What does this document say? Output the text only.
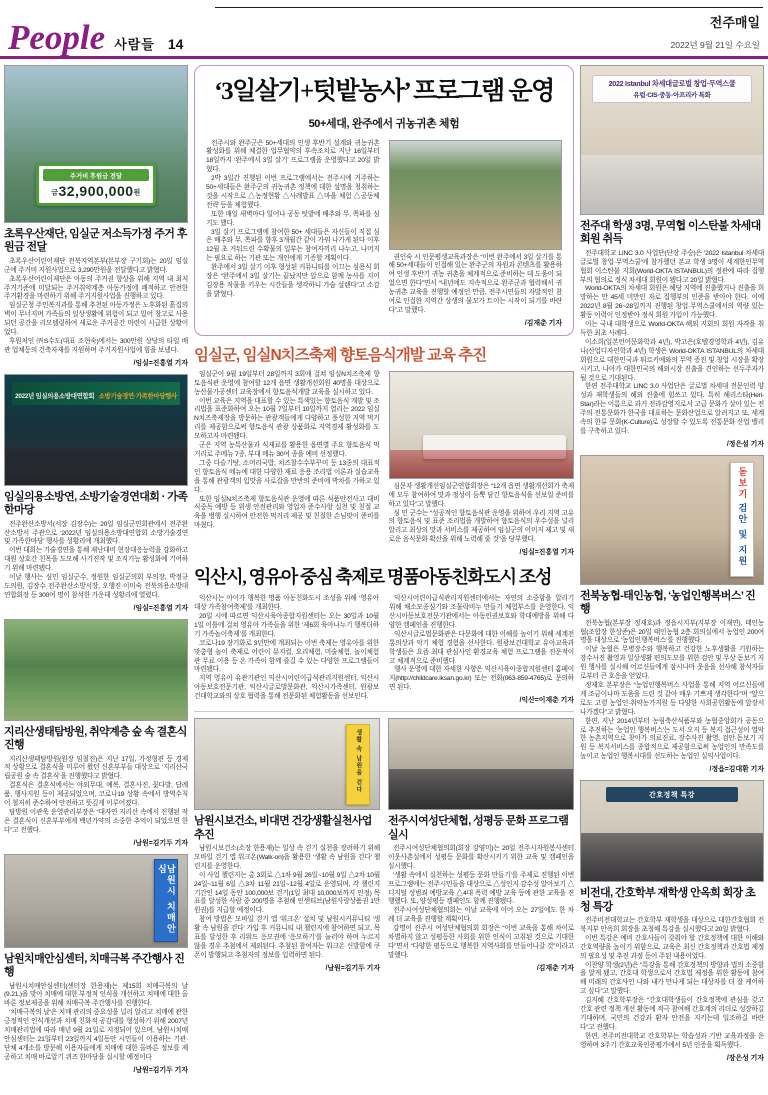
People 사람들 14
전주매일
2022년 9월 21일 수요일
주거비 후원금 전달
금32,900,000원
초록우산재단, 임실군 저소득가정 주거 후원금 전달

초록우산어린이재단 전북지역본부(본부장 구기회)는 20일 임실군에 주거비 지원사업으로 3,290만원을 전달했다고 밝혔다.

초록우산어린이재단은 아동의 주거권 향상을 위해 지역 내 최저주거기준에 미달되는 주거취약계층 아동가정에 쾌적하고 안전한 주거환경을 마련하기 위해 주거지원사업을 진행하고 있다.

임실군청 주민복지과를 통해 추천된 아동가정은 노후화된 흙집의 벽이 무너지며 가족들의 일상생활에 위험이 되고 있어 창고로 사용되던 공간을 리모델링하여 새로운 주거공간 마련이 시급한 상황이었다.

후원처인 ㈜S수도(대표 조현숙)에서는 300만원 상당의 타일 배관 업체등의 건축자재를 지원하며 주거지원사업에 힘을 보냈다.

/임실=진흥열 기자
2022년 임실의용소방대연합회 소방기술경연·가족한마당행사
임실의용소방연, 소방기술경연대회 · 가족한마당

전주완산소방서(서장 김장수)는 20일 임실군민회관에서 전주완산소방서 주관으로 ‘2022년 임실의용소방대연합회 소방기술경연 및 가족한마당’ 행사를 성황리에 개최했다.

이번 대회는 기술경연을 통해 재난대비 현장대응능력을 강화하고 대원 상호간 친목을 도모해 사기진작 및 조직기능 활성화에 기여하기 위해 마련됐다.

이날 행사는 심민 임실군수, 정원한 임실군의회 부의장, 박정규 도의원, 김장수 전주완산소방서장, 오행진·이미숙 전북의용소방대 연합회장 등 300여 명이 참석한 가운데 성황리에 열렸다.

/임실=진흥열 기자
지리산생태탐방원, 취약계층 숲 속 결혼식 진행

지리산생태탐방원(원장 임철진)은 지난 17일, 가정형편 등 경제적 상황으로 결혼식을 미루어 왔던 신혼부부들 대상으로 ‘지리산국립공원 숲 속 결혼식’을 진행했다고 밝혔다.

결혼식은 결혼식에서는 야외무대, 예복, 결혼사진, 꽃다발, 답례품, 행사지원 등이 제공되었으며, 코로나19 상황 속에서 방역수칙이 철저히 준수하여 안전하고 뜻깊게 이루어졌다.

탐방원 이관욱 운영관리부장은 “대자연 지리산 속에서 진행된 작은 결혼식이 신혼부부에게 백년가약의 소중한 추억이 되었으면 한다”고 전했다.

/남원=김기두 기자
남원시 치매안심
남원치매안심센터, 치매극복 주간행사 진행

남원시치매안심센터(센터장 한용재)는 제15회 치매극복의 날(9.21.)을 맞아 치매에 대한 부정적 인식을 개선하고 치매에 대한 올바른 정보제공을 위해 치매극복 주간행사를 진행한다.

‘치매극복의 날’은 치매 관리의 중요성을 널리 알리고 치매에 관한 긍정적인 인식개선과 치매 친화적 공감대를 형성하기 위해 2007년 치매관리법에 따라 매년 9월 21일로 지정되어 있으며, 남원시치매안심센터는 21일부터 23일까지 4일동안 시민들이 이용하는 기관·단체 4개소를 방문해 이용자들에게 치매에 대한 올바른 정보를 제공하고 치매 바로알기 퀴즈 한마당을 실시할 예정이다

/남원=김기두 기자
‘3일살기+텃밭농사’ 프로그램 운영
50+세대, 완주에서 귀농귀촌 체험

전주시와 완주군은 50+세대의 인생 후반기 설계와 귀농귀촌 활성화를 위해 체결한 업무협약의 후속조치로 지난 16일부터 18일까지 ‘완주에서 3일 살기’ 프로그램을 운영했다고 20일 밝혔다.

2박 3일간 진행된 이번 프로그램에서는 전주시에 거주하는 50+세대들은 완주군의 귀농귀촌 정책에 대한 설명을 청취하는 것을 시작으로 △농정현황 △사례발표 △마을 체험 △공동체 전략 등을 체험했다.

또한 매일 새벽마다 일어나 공동 텃밭에 배추와 무, 쪽파를 심기도 했다.

3일 살기 프로그램에 참여한 50+ 세대들은 자신들이 직접 심은 배추와 무, 쪽파를 향후 3개월간 같이 가꿔 나가게 된다 이후 12월 초 거둬드린 수확물의 일부는 참여자끼리 나누고, 나머지는 필요로 하는 기관 또는 개인에게 기증할 계획이다.

완주에서 3일 살기 이후 형성된 커뮤니티를 이끄는 심용식 회장은 “완주에서 3일 살기는 끝났지만 앞으로 함께 농사를 지어 김장용 작물을 키우는 시간들을 생각하니 가슴 설렌다”고 소감을 밝혔다.

권인숙 시 인문평생교육과장은 “이번 완주에서 3일 살기를 통해 50+세대들이 인접해 있는 완주군의 자원과 콘텐츠를 활용하여 인생 후반기 귀농 귀촌을 체계적으로 준비하는 데 도움이 되었으면 한다”면서 “내년에도 지속적으로 완주군과 협력해서 귀농귀촌 교육을 진행할 예정인 만큼, 전주시민들의 자발적인 참여로 인접한 지역간 상생의 물꼬가 트이는 시작이 되기를 바란다”고 말했다.

/김재춘 기자
임실군, 임실N치즈축제 향토음식개발 교육 추진

임실군이 9월 19일부터 28일까지 3회에 걸쳐 임실N치즈축제 향토음식관 운영에 참여할 12개 읍면 생활개선회원 40명을 대상으로 농산물가공센터 교육장에서 향토음식개발 교육을 실시하고 있다.

이번 교육은 지역을 대표할 수 있는 특색있는 향토음식 개발 및 조리법을 표준화하여 오는 10월 7일부터 10일까지 열리는 2022 임실N치즈축제장을 방문하는 관광객들에게 다양하고 풍성한 지역 먹거리를 제공함으로써 향토음식 관광 상품화로 지역경제 활성화를 도모하고자 마련됐다.

군은 지역 농특산물과 식재료를 활용한 읍면별 주요 향토음식 먹거리로 주메뉴 7종, 부대 메뉴 30여 종을 예비 선정했다.

그중 다슬기탕, 소머리국밥, 치즈찰수수부꾸미 등 13종의 대표적인 향토음식 메뉴에 대한 다양한 재료 응용 조리법 이론과 실습교육을 통해 관광객의 입맛을 사로잡을 만반의 준비에 박차를 가하고 있다.

또한 임실N치즈축제 향토음식관 운영에 따른 식품안전사고 대비 식중독 예방 등 위생 안전관리와 영업자 준수사항 실천 및 친절 교육을 병행 실시하여 안전한 먹거리 제공 및 친절한 손님맞이 준비를 마쳤다.

심문자 생활개선임실군연합회장은 “12개 읍면 생활개선회가 축제에 모두 참여하여 맛과 정성이 듬뿍 담긴 향토음식을 선보일 준비를 하고 있다”고 말했다.

심 민 군수는 “성공적인 향토음식관 운영을 위하여 우리 지역 고유의 향토음식 및 표준 조리법을 개발하여 향토음식의 우수성을 널리 알리고 최상의 맛과 서비스를 제공하여 임실군의 이미지 제고 및 새로운 음식문화 확산을 위해 노력해 줄 것”을 당부했다.

/임실=진흥열 기자
익산시, 영유아 중심 축제로 명품아동친화도시 조성

익산시는 아이가 행복한 명품 아동친화도시 조성을 위해 ‘영유아 대상 가족참여축제’를 개최한다.

20일 시에 따르면 익산시육아종합지원센터는 오는 30일과 10월 1일 이틀에 걸쳐 영유아 가족들을 위한 ‘제6회 육아나누기 행복더하기 가족놀이축제’를 개최한다.

코로나19 장기화로 3년만에 개최되는 이번 축제는 영유아를 위한 맞춤형 놀이 축제로 어린이 뮤지컬, 요리체험, 미술체험, 놀이체험관 무료 이용 등 온 가족이 함께 즐길 수 있는 다양한 프로그램들이 마련됐다.

지역 영유아 유관기관인 익산시어린이급식관리지원센터, 익산시아동보호전문기관, 익산시글로벌문화관, 익산시가족센터, 원광보건대학교와의 상호 협력을 통해 전문화된 체험활동을 선보인다.

익산시어린이급식관리지원센터에서는 자연의 소중함을 알리기 위해 채소모종심기와 조물락비누 만들기 체험부스를 운영한다. 익산시아동보호전문기관에서는 아동인권보호와 학대예방을 위해 다양한 캠페인을 진행한다.

익산시글로벌문화관은 다문화에 대한 이해를 높이기 위해 세계전통의상과 악기 체험 경험을 선사한다. 원광보건대학교 유아교육과 학생들은 요즘 최대 관심사인 환경교육 체험 프로그램을 전문적이고 체계적으로 준비했다.

행사 운영에 대한 자세한 사항은 익산시육아종합지원센터 홈페이지(http://childcare.iksan.go.kr) 또는 전화(063-859-4765)로 문의하면 된다.

/익산=이재춘 기자
생활 속 남원을 걷다
남원시보건소, 비대면 건강생활실천사업 추진

남원시보건소(소장 한용재)는 일상 속 걷기 실천을 장려하기 위해 모바일 걷기 앱 워크온(Walk-on)을 활용한 ‘생활 속 남원을 걷다’ 챌린지를 운영한다.

이 사업 챌린지는 총 3회로 △1차 9월 26일~10월 9일 △2차 10월 24일~11월 6일 △3차 11월 21일~12월 4일로 운영되며, 각 챌린지 기간인 14일 동안 100,000보 걷기(1일 최대 10,000보까지 인정) 목표를 달성한 사람 중 200명을 추첨해 인센티브(남원사랑상품권 1만원권)를 지급할 예정이다.

참여 방법은 모바일 걷기 앱 ‘워크온’ 설치 및 남원시커뮤니티 ‘생활 속 남원을 걷다’ 가입 후 커뮤니티 내 챌린지에 참여하면 되고, 목표를 달성한 후 리워드 응모권에 ‘응모하기’를 눌러야 하며 누르지 않을 경우 추첨에서 제외된다. 추첨된 참여자는 워크온 신발함에 쿠폰이 발행되고 추첨자의 정보를 입력하면 된다.

/남원=김기두 기자
전주시여성단체협, 성평등 문화 프로그램 실시

전주시여성단체협의회(회장 강염미)는 20일 전주시자원봉사센터 이웃사촌실에서 성평등 문화를 확산시키기 위한 교육 및 캠페인을 실시했다.

‘생활 속에서 실천하는 성평등 문화 만들기’를 주제로 진행된 이번 프로그램에는 전주시민들을 대상으로 △성인지 감수성 알아보기 △디지털 성범죄 예방교육 △4대 폭력 예방 교육 등에 관한 교육을 진행했다. 또, 양성평등 캠페인도 함께 진행됐다.

전주시여성단체협의회는 이날 교육에 이어 오는 27일에도 한 차례 더 교육을 진행할 계획이다.

강명이 전주시 여성단체협의회 회장은 “이번 교육을 통해 차이로 차별하지 않고 성평등한 사회를 위한 인식이 고취된 것으로 기대한다”면서 “다양한 평등으로 행복한 지역사회를 만들어나갈 것”이라고 말했다.

/김재춘 기자
2022 Istanbul 차세대글로벌 창업·무역스쿨
유럽·CIS·중동·아프리카 특화
전주대 학생 3명, 무역협 이스탄불 차세대 회원 취득

전주대학교 LINC 3.0 사업단(단장 주승)은 ‘2022 Istanbul 차세대 글로벌 창업·무역스쿨’에 참가했던 본교 학생 3명이 세계한인무역협회 이스탄불 지회(World-OKTA ISTANBUL)의 정관에 따라 집행부의 협의로 정식 차세대 회원이 됐다고 20일 밝혔다.

World-OKTA의 차세대 회원은 해당 지역에 진출했거나 진출을 희망하는 만 45세 미만인 자로 집행부의 인준을 받아야 한다. 이에 2022년 8월 26~28일까지 진행된 창업·무역스쿨에서의 역량 있는 활동 이력이 인정받아 정식 회원 가입이 가능했다.

이는 국내 대학생으로 World-OKTA 해외 지회의 회원 자격을 취득한 최초 사례다.

이소희(일본언어문화학과 4년), 박고은(호텔경영학과 4년), 김유나(산업디자인학과 4년) 학생은 World-OKTA ISTANBUL의 차세대 회원으로 대한민국과 튀르키예와의 무역 증진 및 창업 시장을 확장시키고, 나아가 대한민국의 해외시장 진출을 견인하는 선두주자가 될 것으로 기대된다.

한편 전주대학교 LINC 3.0 사업단은 글로벌 차세대 전문인력 양성과 재학생들의 해외 진출에 힘쓰고 있다. 특히 헤리스타(Heri-Star)라는 이름으로 과거 전라감영지로서 고급 문화가 살아 있는 전주의 전통문화가 한국을 대표하는 문화산업으로 알려지고 또, 세계 속의 한류 문화(K-Culture)로 성장할 수 있도록 전통문화 산업 밸리를 구축하고 있다.

/정은설 기자
돋보기
검안 및 지원
전북농협-태인농협, ‘농업인행복버스’ 진행

전북농협(본부장 정재호)과 정읍시지부(지부장 이재연), 태인농협(조합장 한상준)은 20일 태인농협 2층 회의실에서 농업인 200여명을 대상으로 ‘농업인행복버스’를 진행했다.

이날 농협은 무병장수와 행복하고 건강한 노후생활을 기원하는 장수사진 촬영과 일상생활 편의도모를 위한 검안 및 무상 돋보기 지원 행사를 실시해 어르신들에게 잠시나마 웃음을 선사해 참석자들로부터 큰 호응을 얻었다.

정재호 본부장은 “농업인행복버스 사업을 통해 지역 어르신들에게 조금이나마 도움을 드린 것 같아 매우 기쁘게 생각한다”며 “앞으로도 고령 농업인·취약농가지원 등 다양한 사회공헌활동에 앞장서 나가겠다”고 밝혔다.

한편, 지난 2014년부터 농림축산식품부와 농협중앙회가 공동으로 추진하는 ‘농업인 행복버스’는 도서·오지 등 복지 접근성이 열악한 농촌지역으로 찾아가 의료진료, 장수사진 촬영, 검안·돋보기 지원 등 복지서비스를 종합적으로 제공함으로써 농업인의 만족도를 높이고 농업인 행복시대를 선도하는 농업인 실익사업이다.

/정읍=김대환 기자
간호정책 특강
비전대, 간호학부 재학생 안옥희 회장 초청 특강

전주비전대학교는 간호학부 재학생을 대상으로 대한간호협회 전북지부 안옥희 회장을 초청해 특강을 실시했다고 20일 밝혔다.

이번 특강은 예비 간호사들이 갖춰야 할 간호정책에 대한 이해와 간호역량을 높이기 위함으로, 교육은 최신 간호정책과 간호법 제정의 필요성 및 추진 과정 등이 주된 내용이었다.

이찬양 학생(2년)은 “특강을 통해 간호정책의 방향과 법의 소중함을 알게 됐고, 간호대 학생으로서 간호법 제정을 위한 활동에 참여해 미래의 간호사인 나와 내가 만나게 되는 대상자를 더 잘 케어하고 싶다”고 말했다.

김지혜 간호학부장은 “간호대학생들이 간호정책에 관심을 갖고 간호 관련 정책 개선 활동에 적극 참여해 간호계의 리더로 성장하길 기대하며, 국민의 건강과 환자 안전을 지키는데 일조하길 바란다”고 전했다.

한편, 전주비전대학교 간호학부는 학습성과 기반 교육과정을 운영하며 3주기 간호교육인증평가에서 5년 인증을 획득했다.

/장은성 기자
